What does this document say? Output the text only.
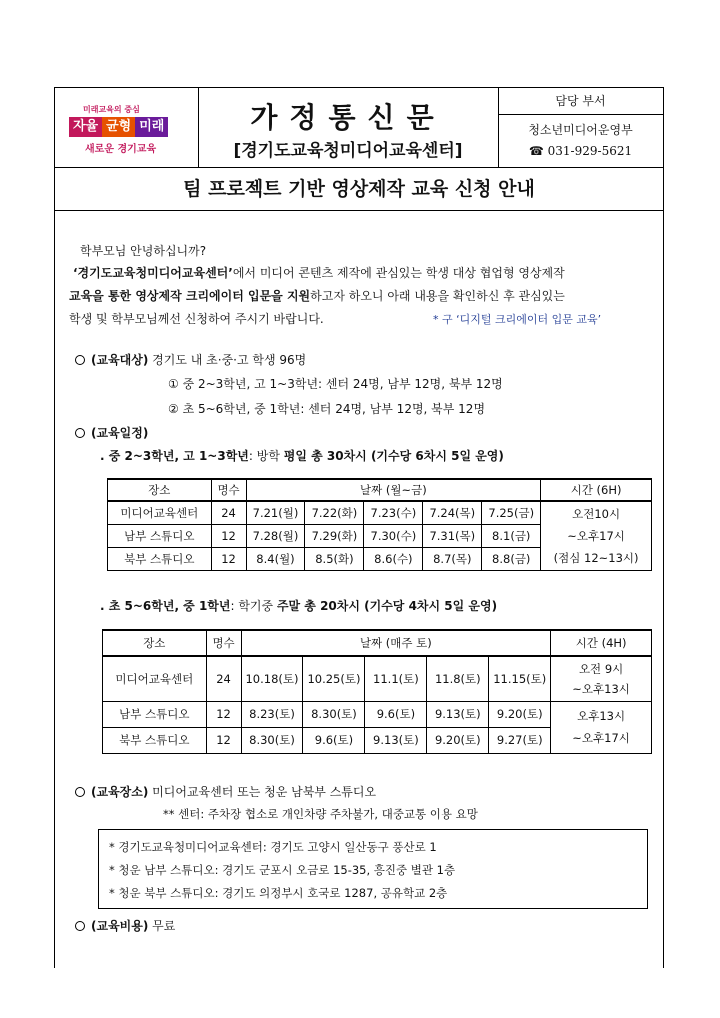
미래교육의 중심
자율 균형 미래
새로운 경기교육
가정통신문
[경기도교육청미디어교육센터]
담당 부서
청소년미디어운영부
☎ 031-929-5621
팀 프로젝트 기반 영상제작 교육 신청 안내
학부모님 안녕하십니까?
‘경기도교육청미디어교육센터’에서 미디어 콘텐츠 제작에 관심있는 학생 대상 협업형 영상제작
교육을 통한 영상제작 크리에이터 입문을 지원하고자 하오니 아래 내용을 확인하신 후 관심있는
학생 및 학부모님께선 신청하여 주시기 바랍니다.	* 구 ‘디지털 크리에이터 입문 교육’
(교육대상) 경기도 내 초·중·고 학생 96명
① 중 2~3학년, 고 1~3학년: 센터 24명, 남부 12명, 북부 12명
② 초 5~6학년, 중 1학년: 센터 24명, 남부 12명, 북부 12명
(교육일정)
. 중 2~3학년, 고 1~3학년: 방학 평일 총 30차시 (기수당 6차시 5일 운영)
장소	명수	날짜 (월~금)					시간 (6H)
미디어교육센터	24	7.21(월)	7.22(화)	7.23(수)	7.24(목)	7.25(금)	오전10시
~오후17시
(점심 12~13시)

남부 스튜디오	12	7.28(월)	7.29(화)	7.30(수)	7.31(목)	8.1(금)	
북부 스튜디오	12	8.4(월)	8.5(화)	8.6(수)	8.7(목)	8.8(금)	
. 초 5~6학년, 중 1학년: 학기중 주말 총 20차시 (기수당 4차시 5일 운영)
장소	명수	날짜 (매주 토)					시간 (4H)
미디어교육센터	24	10.18(토)	10.25(토)	11.1(토)	11.8(토)	11.15(토)	오전 9시
~오후13시

남부 스튜디오	12	8.23(토)	8.30(토)	9.6(토)	9.13(토)	9.20(토)	오후13시
~오후17시

북부 스튜디오	12	8.30(토)	9.6(토)	9.13(토)	9.20(토)	9.27(토)	
(교육장소) 미디어교육센터 또는 청운 남북부 스튜디오
** 센터: 주차장 협소로 개인차량 주차불가, 대중교통 이용 요망
* 경기도교육청미디어교육센터: 경기도 고양시 일산동구 풍산로 1
* 청운 남부 스튜디오: 경기도 군포시 오금로 15-35, 흥진중 별관 1층
* 청운 북부 스튜디오: 경기도 의정부시 호국로 1287, 공유학교 2층
(교육비용) 무료
